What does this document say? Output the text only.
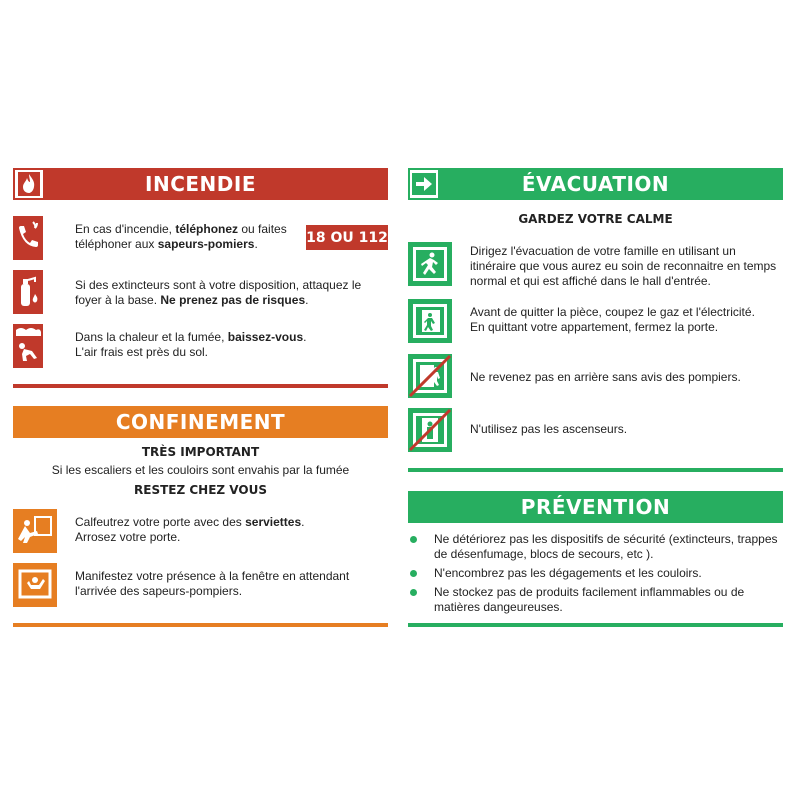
INCENDIE
18 OU 112
En cas d'incendie, téléphonez ou faites téléphoner aux sapeurs-pomiers.
Si des extincteurs sont à votre disposition, attaquez le foyer à la base. Ne prenez pas de risques.
Dans la chaleur et la fumée, baissez-vous.
L'air frais est près du sol.
CONFINEMENT
TRÈS IMPORTANT
Si les escaliers et les couloirs sont envahis par la fumée
RESTEZ CHEZ VOUS
Calfeutrez votre porte avec des serviettes.
Arrosez votre porte.
Manifestez votre présence à la fenêtre en attendant l'arrivée des sapeurs-pompiers.
ÉVACUATION
GARDEZ VOTRE CALME
Dirigez l'évacuation de votre famille en utilisant un itinéraire que vous aurez eu soin de reconnaitre en temps normal et qui est affiché dans le hall d'entrée.
Avant de quitter la pièce, coupez le gaz et l'électricité.
En quittant votre appartement, fermez la porte.
Ne revenez pas en arrière sans avis des pompiers.
N'utilisez pas les ascenseurs.
PRÉVENTION
Ne détériorez pas les dispositifs de sécurité (extincteurs, trappes de désenfumage, blocs de secours, etc ).
N'encombrez pas les dégagements et les couloirs.
Ne stockez pas de produits facilement inflammables ou de matières dangeureuses.
